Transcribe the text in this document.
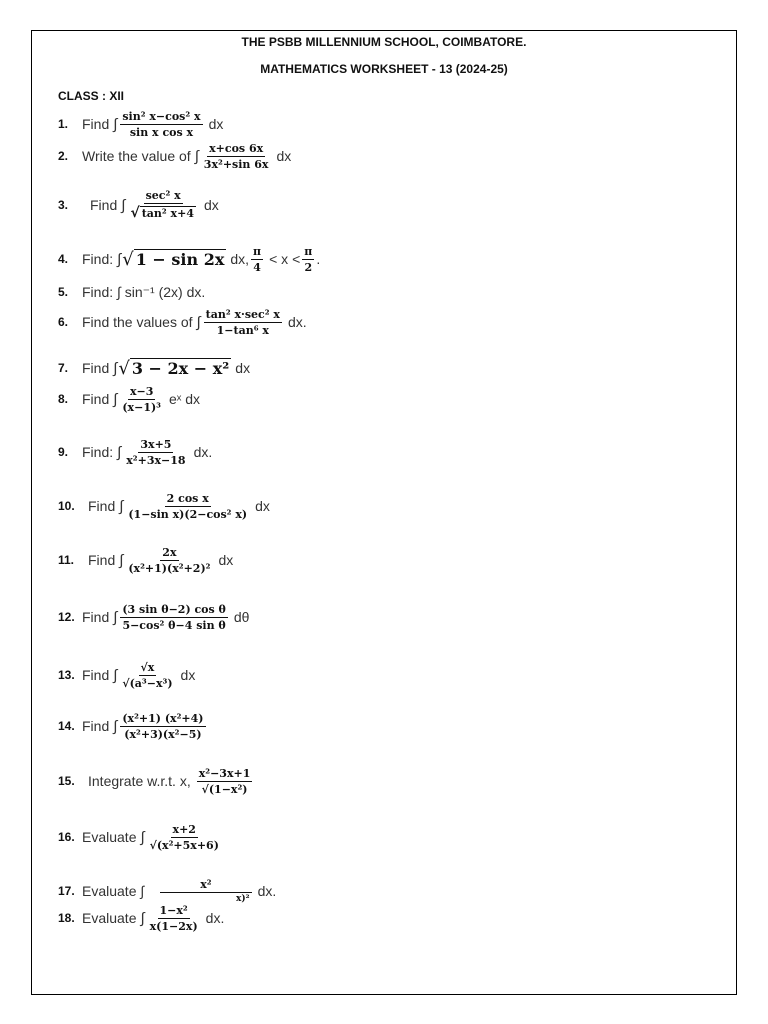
THE PSBB MILLENNIUM SCHOOL, COIMBATORE.
MATHEMATICS WORKSHEET - 13 (2024-25)
CLASS : XII
1. Find ∫ $\frac{\text{sin² x−cos² x}}{\text{sin x cos x}}$ dx
2. Write the value of ∫ $\frac{x+\cos 6x}{\text{3x²+sin 6x}}$ dx
3.	Find ∫ $\frac{\text{sec² x}}{\text{√ tan² x+4}}$ dx
4. Find: ∫ √ 1 − sin 2x dx, $\frac{\pi}{4} < x < \frac{\pi}{2}$ .
5. Find: ∫ sin⁻¹ (2x) dx.
6. Find the values of ∫ $\frac{\text{tan² x·sec² x}}{\text{1−tan⁶ x}}$ dx.
7. Find ∫ √ 3 − 2x − x² dx
8. Find ∫ $\frac{x-3}{\text{(x−1)³}}$ eˣ dx
9. Find: ∫ $\frac{3x+5}{\text{x²+3x−18}}$ dx.
10. Find ∫ $\frac{\text{2 cos x}}{\text{(1−sin x)(2−cos² x)}}$ dx
11. Find ∫ $\frac{2x}{\text{(x²+1)(x²+2)²}}$ dx
12. Find ∫ $\frac{\text{(3 sin θ−2) cos θ}}{\text{5−cos² θ−4 sin θ}}$ dθ
13. Find ∫ $\frac{√x}{\text{√(a³−x³)}}$ dx
14. Find ∫ $\frac{\text{(x²+1) (x²+4)}}{\text{(x²+3)(x²−5)}}$
15. Integrate w.r.t. x, $\frac{\text{x²−3x+1}}{\text{√(1−x²)}}$
16. Evaluate ∫ $\frac{x+2}{\text{√(x²+5x+6)}}$
17. Evaluate ∫ $\frac{\text{x²}}{\text{x)²}}$ dx.
18. Evaluate ∫ $\frac{\text{1−x²}}{x(1-2x)}$ dx.
